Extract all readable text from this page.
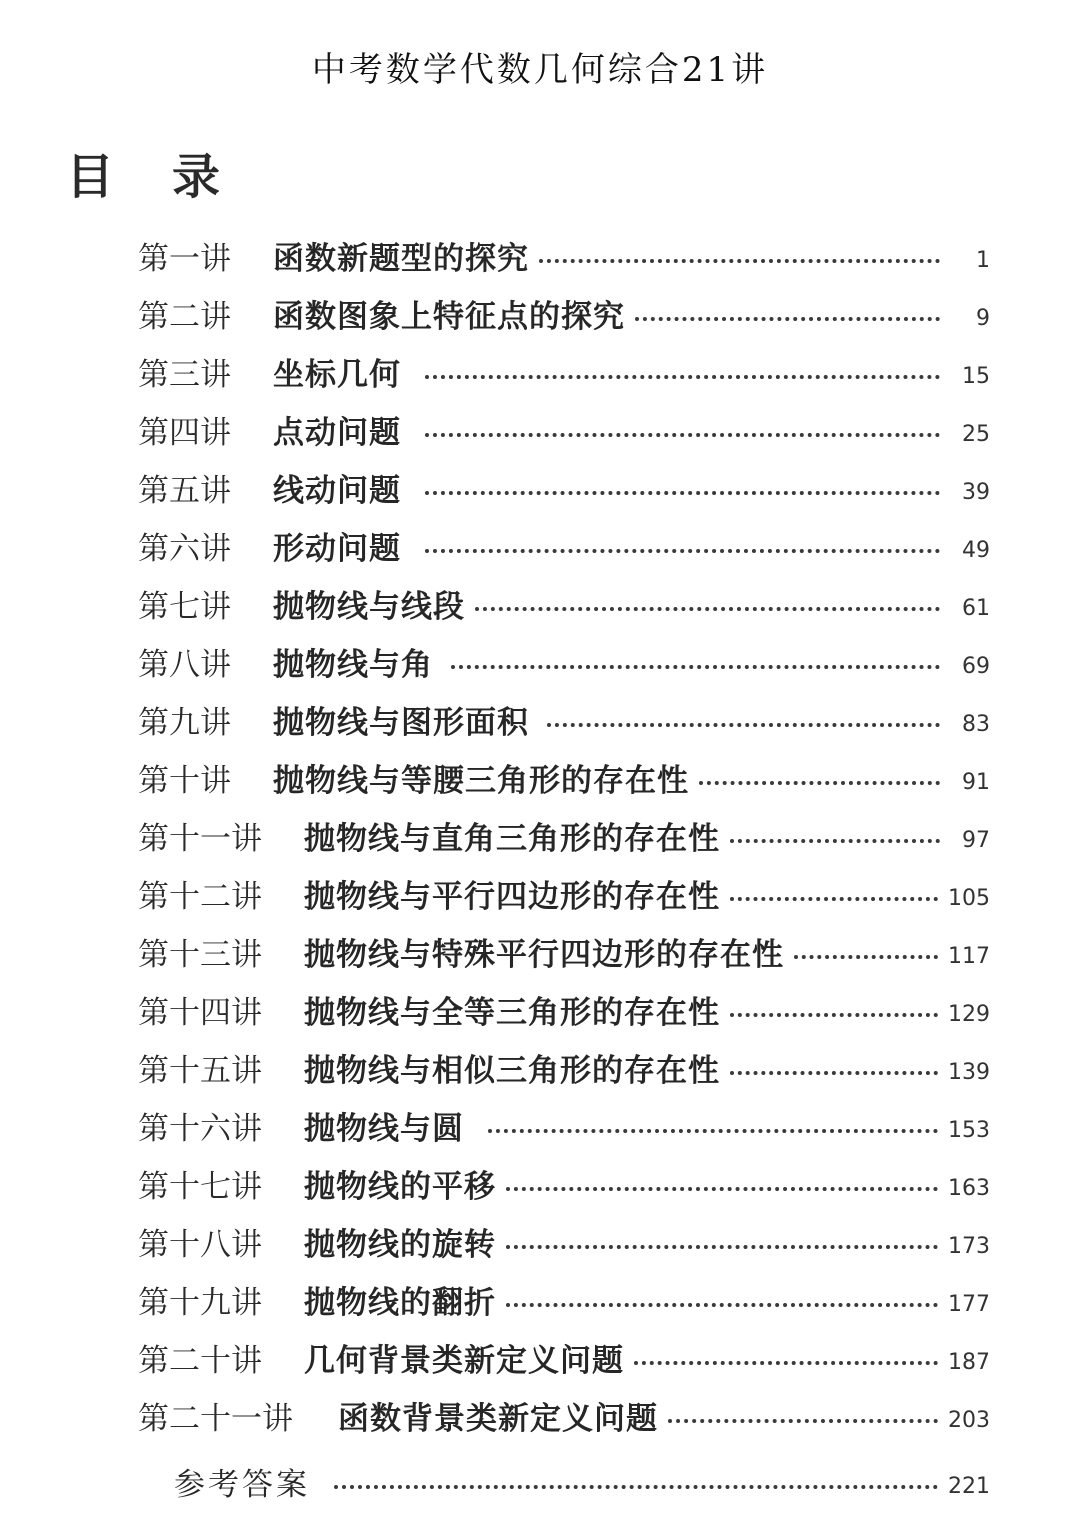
中考数学代数几何综合21讲
目 录
第一讲	函数新题型的探究	1
第二讲	函数图象上特征点的探究	9
第三讲	坐标几何	15
第四讲	点动问题	25
第五讲	线动问题	39
第六讲	形动问题	49
第七讲	抛物线与线段	61
第八讲	抛物线与角	69
第九讲	抛物线与图形面积	83
第十讲	抛物线与等腰三角形的存在性	91
第十一讲	抛物线与直角三角形的存在性	97
第十二讲	抛物线与平行四边形的存在性	105
第十三讲	抛物线与特殊平行四边形的存在性	117
第十四讲	抛物线与全等三角形的存在性	129
第十五讲	抛物线与相似三角形的存在性	139
第十六讲	抛物线与圆	153
第十七讲	抛物线的平移	163
第十八讲	抛物线的旋转	173
第十九讲	抛物线的翻折	177
第二十讲	几何背景类新定义问题	187
第二十一讲	函数背景类新定义问题	203
参考答案	221
